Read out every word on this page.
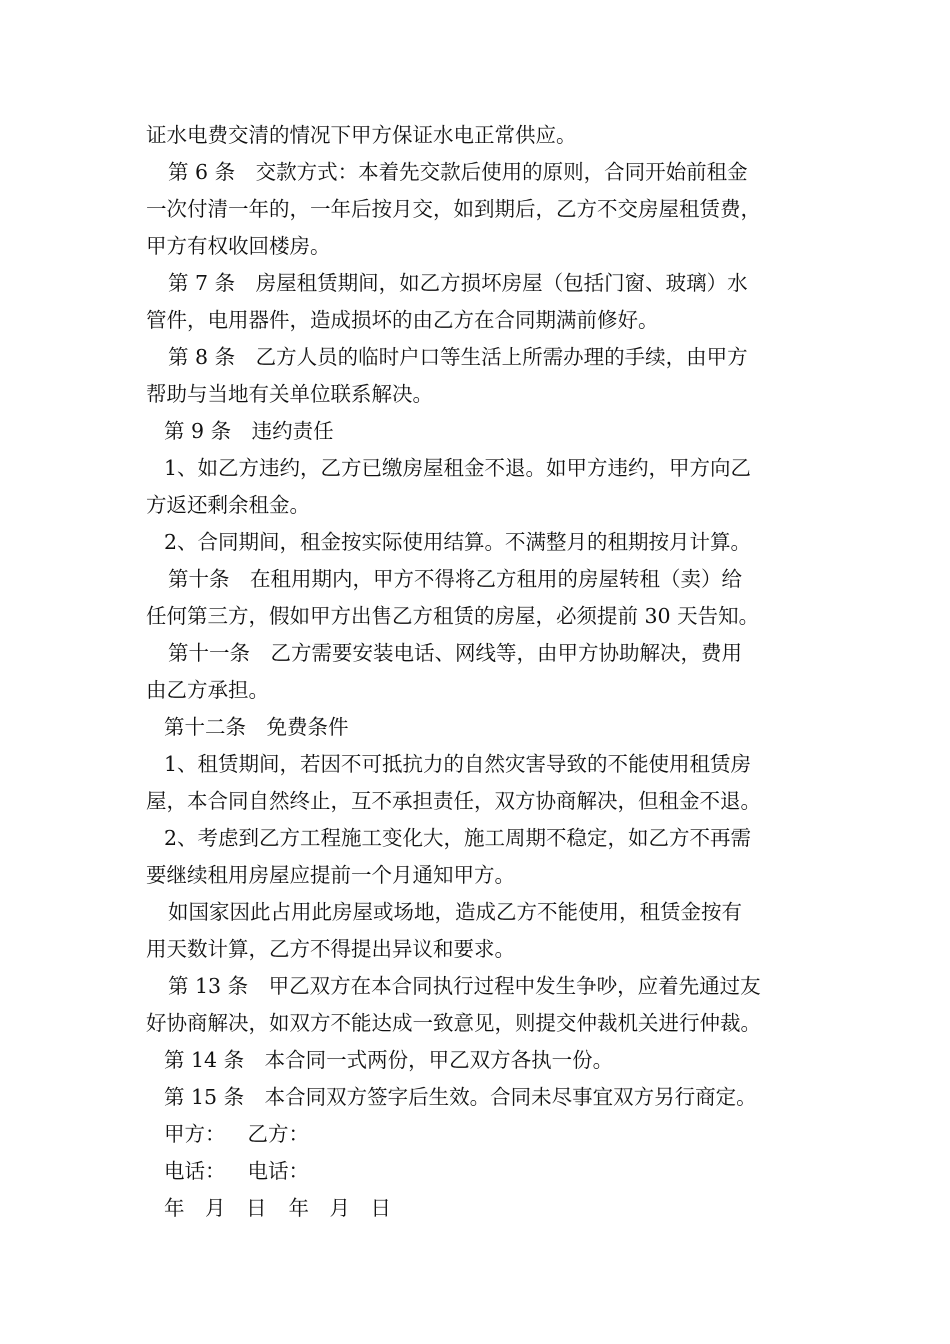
证水电费交清的情况下甲方保证水电正常供应。
第 6 条　交款方式：本着先交款后使用的原则，合同开始前租金
一次付清一年的，一年后按月交，如到期后，乙方不交房屋租赁费，
甲方有权收回楼房。
第 7 条　房屋租赁期间，如乙方损坏房屋（包括门窗、玻璃）水
管件，电用器件，造成损坏的由乙方在合同期满前修好。
第 8 条　乙方人员的临时户口等生活上所需办理的手续，由甲方
帮助与当地有关单位联系解决。
第 9 条　违约责任
1、如乙方违约，乙方已缴房屋租金不退。如甲方违约，甲方向乙
方返还剩余租金。
2、合同期间，租金按实际使用结算。不满整月的租期按月计算。
第十条　在租用期内，甲方不得将乙方租用的房屋转租（卖）给
任何第三方，假如甲方出售乙方租赁的房屋，必须提前 30 天告知。
第十一条　乙方需要安装电话、网线等，由甲方协助解决，费用
由乙方承担。
第十二条　免费条件
1、租赁期间，若因不可抵抗力的自然灾害导致的不能使用租赁房
屋，本合同自然终止，互不承担责任，双方协商解决，但租金不退。
2、考虑到乙方工程施工变化大，施工周期不稳定，如乙方不再需
要继续租用房屋应提前一个月通知甲方。
如国家因此占用此房屋或场地，造成乙方不能使用，租赁金按有
用天数计算，乙方不得提出异议和要求。
第 13 条　甲乙双方在本合同执行过程中发生争吵，应着先通过友
好协商解决，如双方不能达成一致意见，则提交仲裁机关进行仲裁。
第 14 条　本合同一式两份，甲乙双方各执一份。
第 15 条　本合同双方签字后生效。合同未尽事宜双方另行商定。
甲方： 乙方：
电话： 电话：
年　月　日 年　月　日
